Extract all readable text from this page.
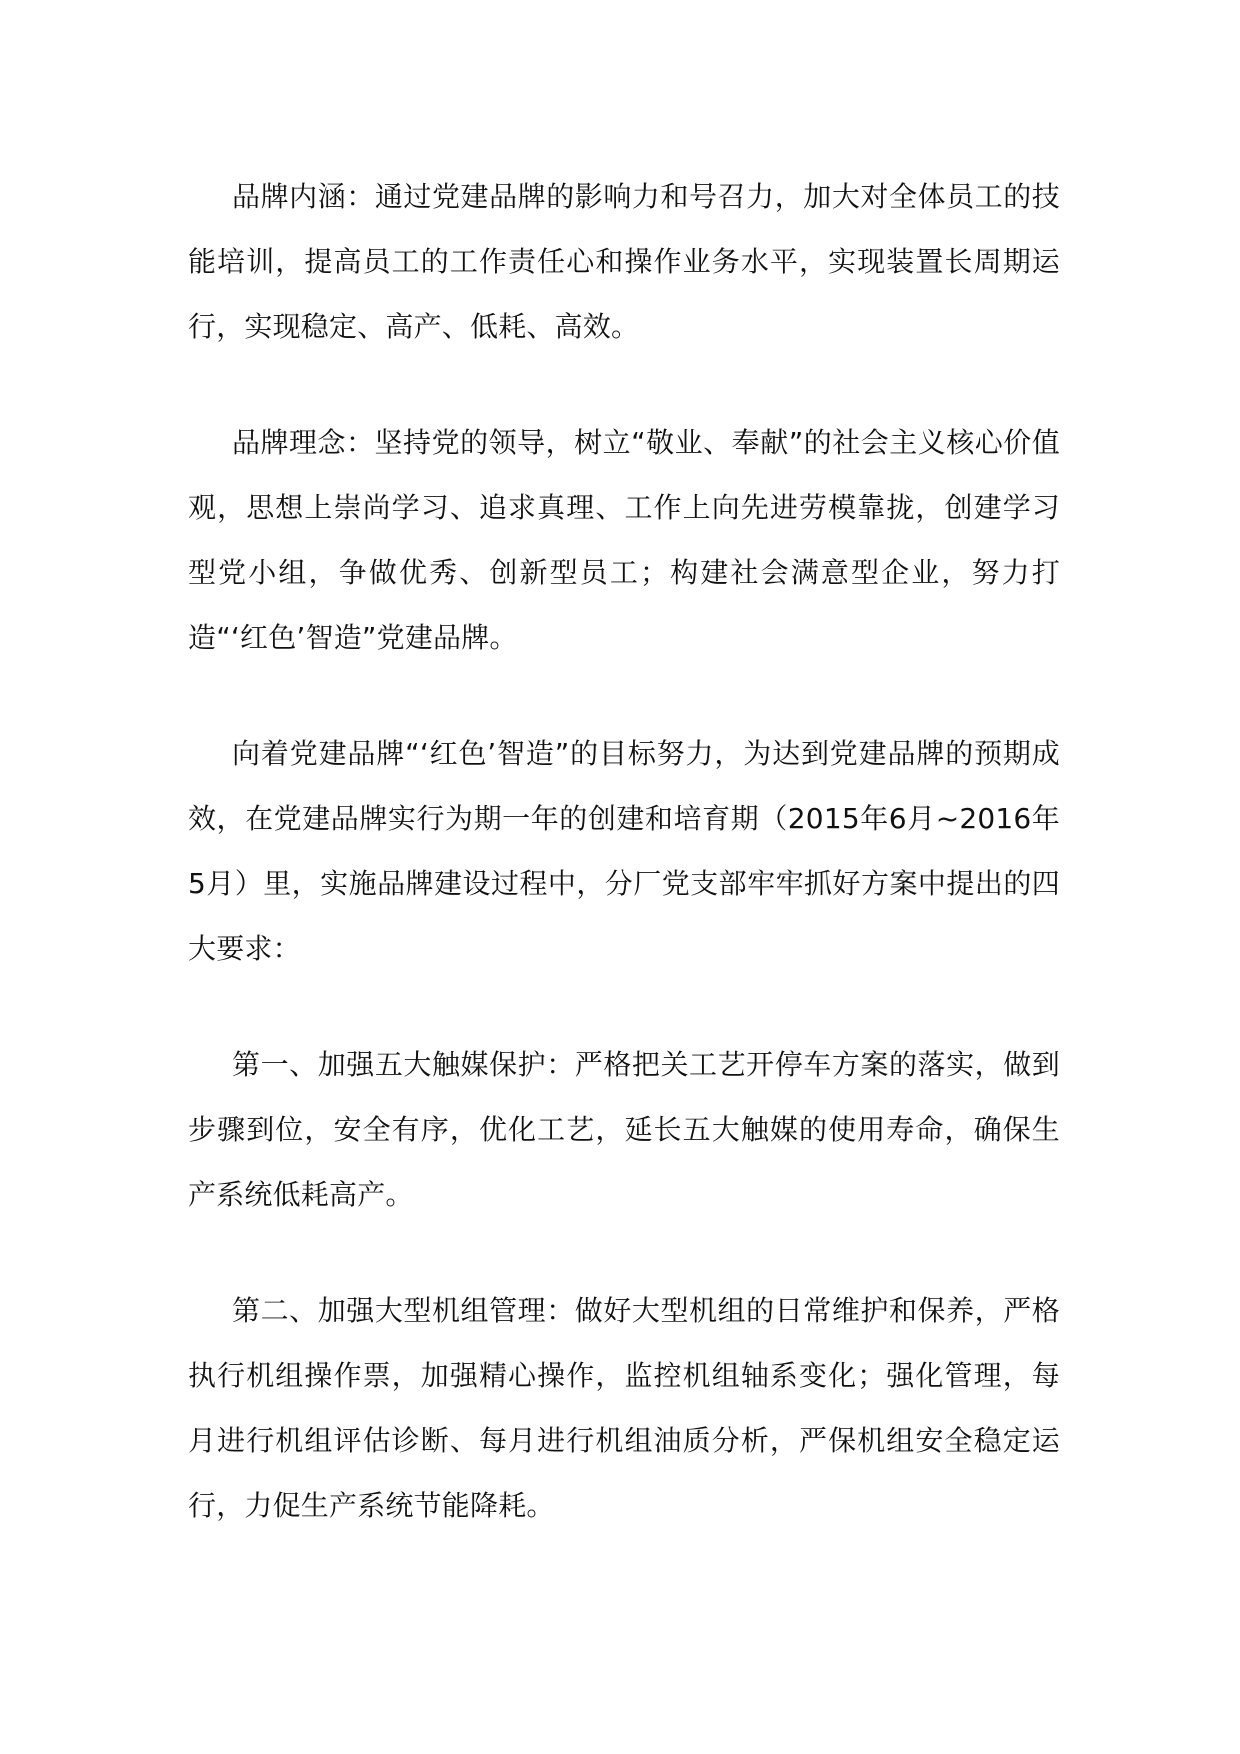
品牌内涵：通过党建品牌的影响力和号召力，加大对全体员工的技能培训，提高员工的工作责任心和操作业务水平，实现装置长周期运行，实现稳定、高产、低耗、高效。

品牌理念：坚持党的领导，树立“敬业、奉献”的社会主义核心价值观，思想上崇尚学习、追求真理、工作上向先进劳模靠拢，创建学习型党小组，争做优秀、创新型员工；构建社会满意型企业，努力打造“‘红色’智造”党建品牌。

向着党建品牌“‘红色’智造”的目标努力，为达到党建品牌的预期成效，在党建品牌实行为期一年的创建和培育期（2015年6月~2016年5月）里，实施品牌建设过程中，分厂党支部牢牢抓好方案中提出的四大要求：

第一、加强五大触媒保护：严格把关工艺开停车方案的落实，做到步骤到位，安全有序，优化工艺，延长五大触媒的使用寿命，确保生产系统低耗高产。

第二、加强大型机组管理：做好大型机组的日常维护和保养，严格执行机组操作票，加强精心操作，监控机组轴系变化；强化管理，每月进行机组评估诊断、每月进行机组油质分析，严保机组安全稳定运行，力促生产系统节能降耗。
